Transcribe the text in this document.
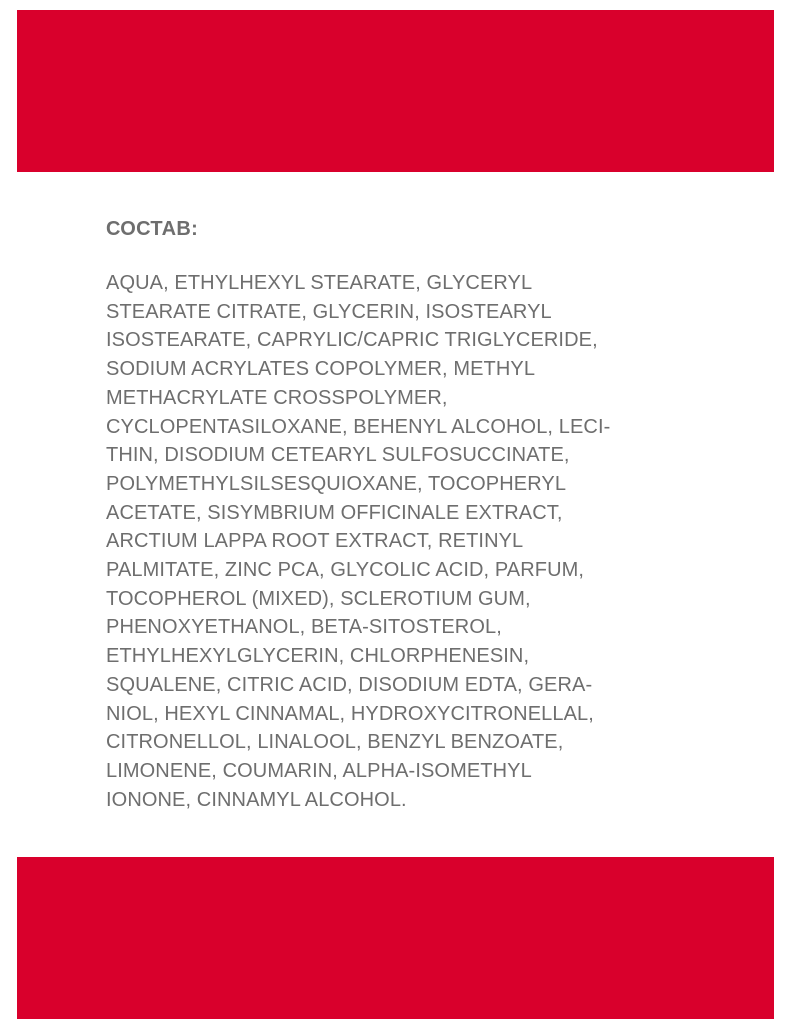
СОСТАВ:
AQUA, ETHYLHEXYL STEARATE, GLYCERYL
STEARATE CITRATE, GLYCERIN, ISOSTEARYL
ISOSTEARATE, CAPRYLIC/CAPRIC TRIGLYCERIDE,
SODIUM ACRYLATES COPOLYMER, METHYL
METHACRYLATE CROSSPOLYMER,
CYCLOPENTASILOXANE, BEHENYL ALCOHOL, LECI-
THIN, DISODIUM CETEARYL SULFOSUCCINATE,
POLYMETHYLSILSESQUIOXANE, TOCOPHERYL
ACETATE, SISYMBRIUM OFFICINALE EXTRACT,
ARCTIUM LAPPA ROOT EXTRACT, RETINYL
PALMITATE, ZINC PCA, GLYCOLIC ACID, PARFUM,
TOCOPHEROL (MIXED), SCLEROTIUM GUM,
PHENOXYETHANOL, BETA-SITOSTEROL,
ETHYLHEXYLGLYCERIN, CHLORPHENESIN,
SQUALENE, CITRIC ACID, DISODIUM EDTA, GERA-
NIOL, HEXYL CINNAMAL, HYDROXYCITRONELLAL,
CITRONELLOL, LINALOOL, BENZYL BENZOATE,
LIMONENE, COUMARIN, ALPHA-ISOMETHYL
IONONE, CINNAMYL ALCOHOL.
